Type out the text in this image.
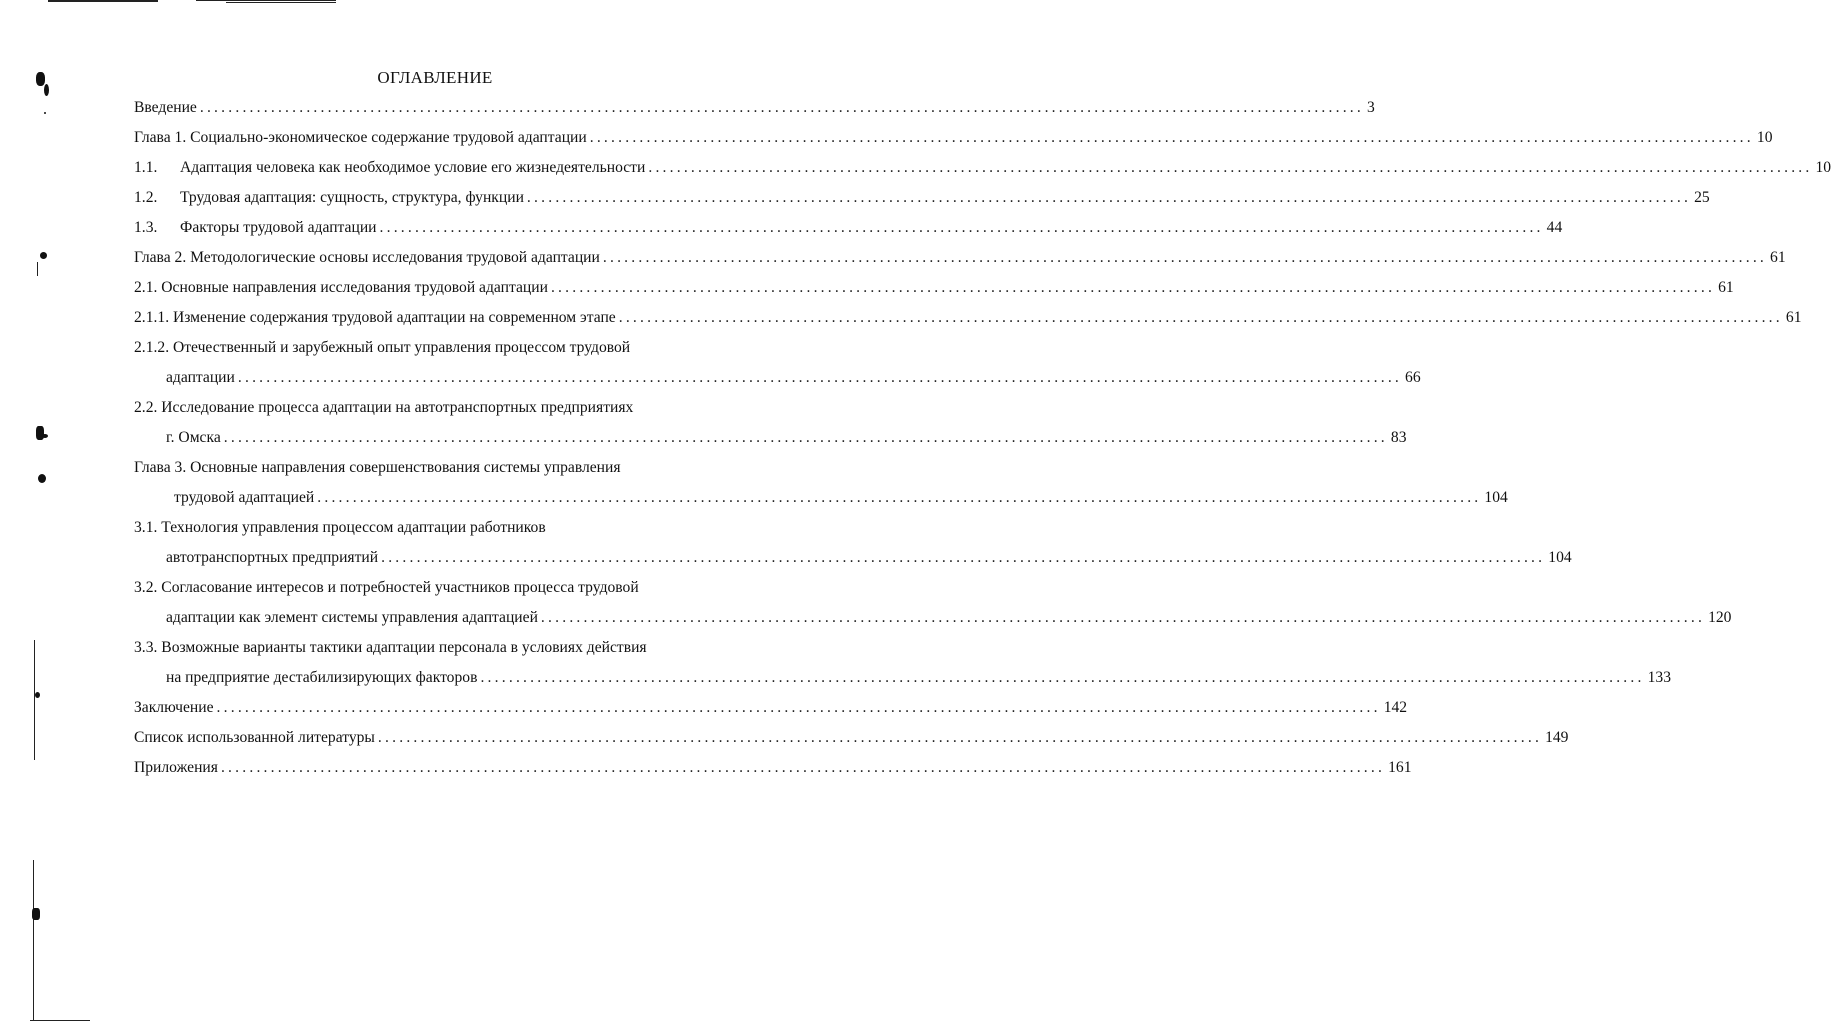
ОГЛАВЛЕНИЕ
Введение .................................................................................................................................................................... 3
Глава 1. Социально-экономическое содержание трудовой адаптации .................................................................................................................................................................... 10
1.1.	Адаптация человека как необходимое условие его жизнедеятельности .................................................................................................................................................................... 10
1.2.	Трудовая адаптация: сущность, структура, функции .................................................................................................................................................................... 25
1.3.	Факторы трудовой адаптации .................................................................................................................................................................... 44
Глава 2. Методологические основы исследования трудовой адаптации .................................................................................................................................................................... 61
2.1. Основные направления исследования трудовой адаптации .................................................................................................................................................................... 61
2.1.1. Изменение содержания трудовой адаптации на современном этапе .................................................................................................................................................................... 61
2.1.2. Отечественный и зарубежный опыт управления процессом трудовой
адаптации .................................................................................................................................................................... 66
2.2. Исследование процесса адаптации на автотранспортных предприятиях
г. Омска .................................................................................................................................................................... 83
Глава 3. Основные направления совершенствования системы управления
трудовой адаптацией .................................................................................................................................................................... 104
3.1. Технология управления процессом адаптации работников
автотранспортных предприятий .................................................................................................................................................................... 104
3.2. Согласование интересов и потребностей участников процесса трудовой
адаптации как элемент системы управления адаптацией .................................................................................................................................................................... 120
3.3. Возможные варианты тактики адаптации персонала в условиях действия
на предприятие дестабилизирующих факторов .................................................................................................................................................................... 133
Заключение .................................................................................................................................................................... 142
Список использованной литературы .................................................................................................................................................................... 149
Приложения .................................................................................................................................................................... 161
